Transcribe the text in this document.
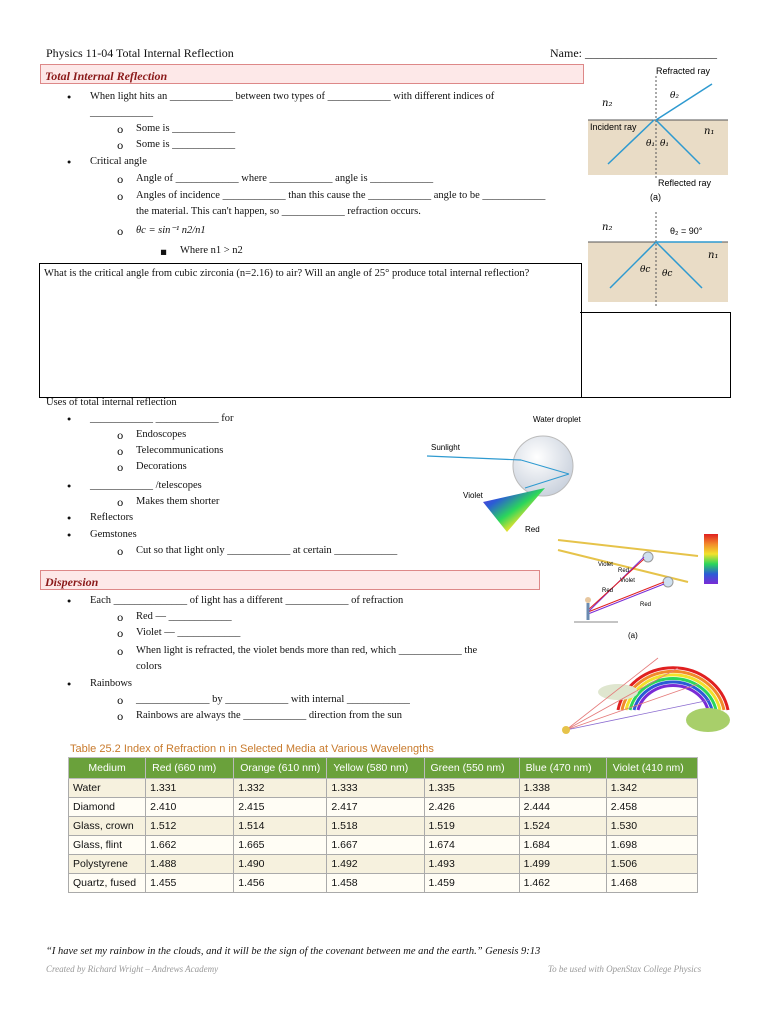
Physics 11-04 Total Internal Reflection	Name: ______________________
Total Internal Reflection
• When light hits an ____________ between two types of ____________ with different indices of
____________
o Some is ____________
o Some is ____________
• Critical angle
o Angle of ____________ where ____________ angle is ____________
o Angles of incidence ____________ than this cause the ____________ angle to be ____________
the material. This can't happen, so ____________ refraction occurs.
o θc = sin⁻¹ n2/n1
▪ Where n1 > n2
What is the critical angle from cubic zirconia (n=2.16) to air? Will an angle of 25° produce total internal reflection?
Refracted ray
Incident ray
Reflected ray
n₂
n₁
θ₂
θ₁ θ₁
(a)
n₂
n₁
θ₂ = 90°
θc θc
Uses of total internal reflection
• ____________ ____________ for
o Endoscopes
o Telecommunications
o Decorations
• ____________ /telescopes
o Makes them shorter
• Reflectors
• Gemstones
o Cut so that light only ____________ at certain ____________
Water droplet
Sunlight
Violet
Red
Dispersion
• Each ______________ of light has a different ____________ of refraction
o Red — ____________
o Violet — ____________
o When light is refracted, the violet bends more than red, which ____________ the
colors
• Rainbows
o ______________ by ____________ with internal ____________
o Rainbows are always the ____________ direction from the sun
Violet
Red
Red
Violet
Red
(a)
Table 25.2 Index of Refraction n in Selected Media at Various Wavelengths
Medium	Red (660 nm)	Orange (610 nm)	Yellow (580 nm)	Green (550 nm)	Blue (470 nm)	Violet (410 nm)
Water	1.331	1.332	1.333	1.335	1.338	1.342
Diamond	2.410	2.415	2.417	2.426	2.444	2.458
Glass, crown	1.512	1.514	1.518	1.519	1.524	1.530
Glass, flint	1.662	1.665	1.667	1.674	1.684	1.698
Polystyrene	1.488	1.490	1.492	1.493	1.499	1.506
Quartz, fused	1.455	1.456	1.458	1.459	1.462	1.468
“I have set my rainbow in the clouds, and it will be the sign of the covenant between me and the earth.” Genesis 9:13
Created by Richard Wright – Andrews Academy	To be used with OpenStax College Physics
